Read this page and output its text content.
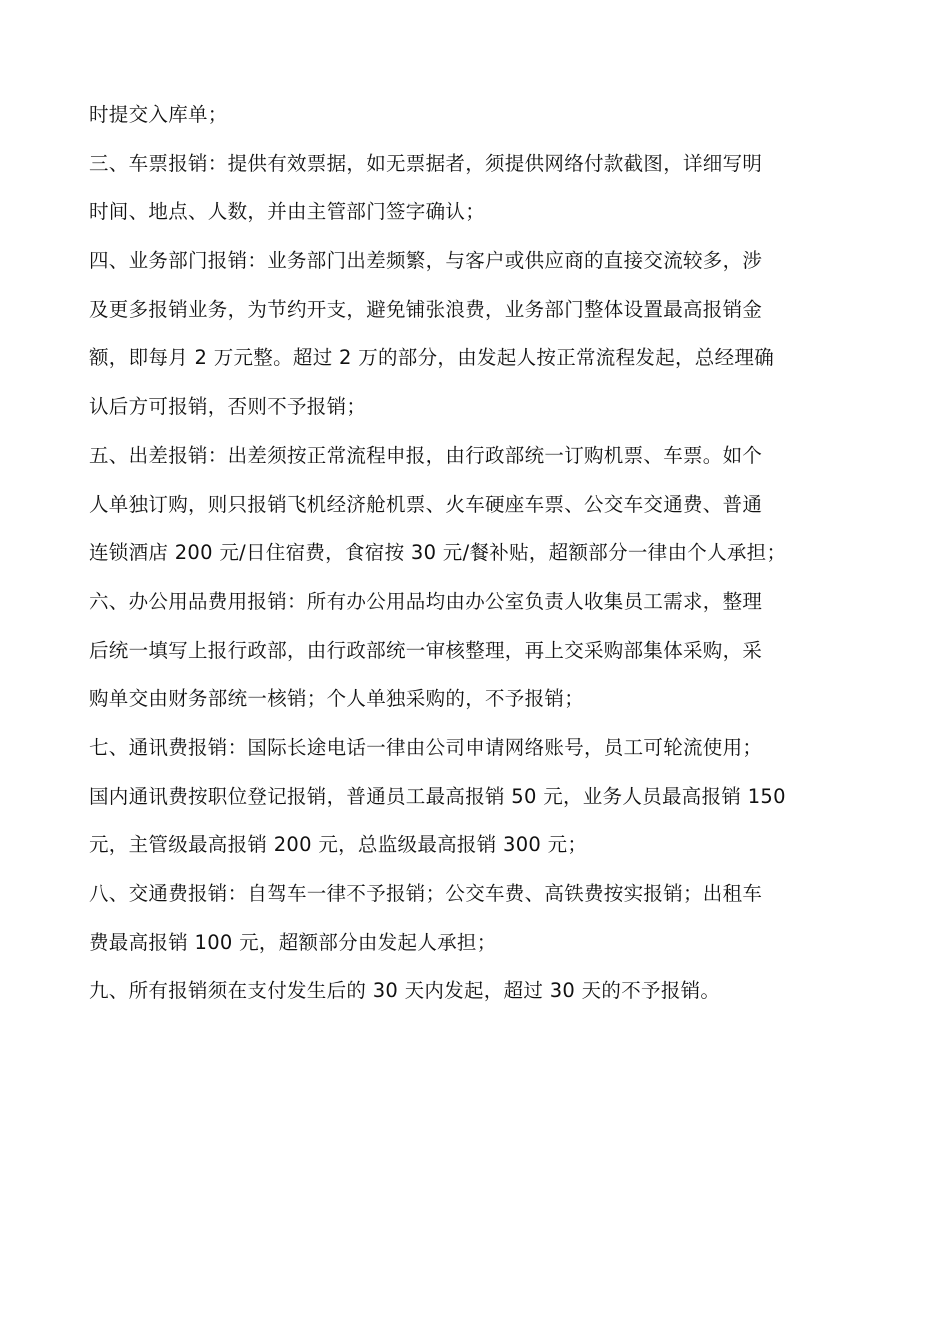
时提交入库单；
三、车票报销：提供有效票据，如无票据者，须提供网络付款截图，详细写明
时间、地点、人数，并由主管部门签字确认；
四、业务部门报销：业务部门出差频繁，与客户或供应商的直接交流较多，涉
及更多报销业务，为节约开支，避免铺张浪费，业务部门整体设置最高报销金
额，即每月 2 万元整。超过 2 万的部分，由发起人按正常流程发起，总经理确
认后方可报销，否则不予报销；
五、出差报销：出差须按正常流程申报，由行政部统一订购机票、车票。如个
人单独订购，则只报销飞机经济舱机票、火车硬座车票、公交车交通费、普通
连锁酒店 200 元/日住宿费，食宿按 30 元/餐补贴，超额部分一律由个人承担；
六、办公用品费用报销：所有办公用品均由办公室负责人收集员工需求，整理
后统一填写上报行政部，由行政部统一审核整理，再上交采购部集体采购，采
购单交由财务部统一核销；个人单独采购的，不予报销；
七、通讯费报销：国际长途电话一律由公司申请网络账号，员工可轮流使用；
国内通讯费按职位登记报销，普通员工最高报销 50 元，业务人员最高报销 150
元，主管级最高报销 200 元，总监级最高报销 300 元；
八、交通费报销：自驾车一律不予报销；公交车费、高铁费按实报销；出租车
费最高报销 100 元，超额部分由发起人承担；
九、所有报销须在支付发生后的 30 天内发起，超过 30 天的不予报销。
